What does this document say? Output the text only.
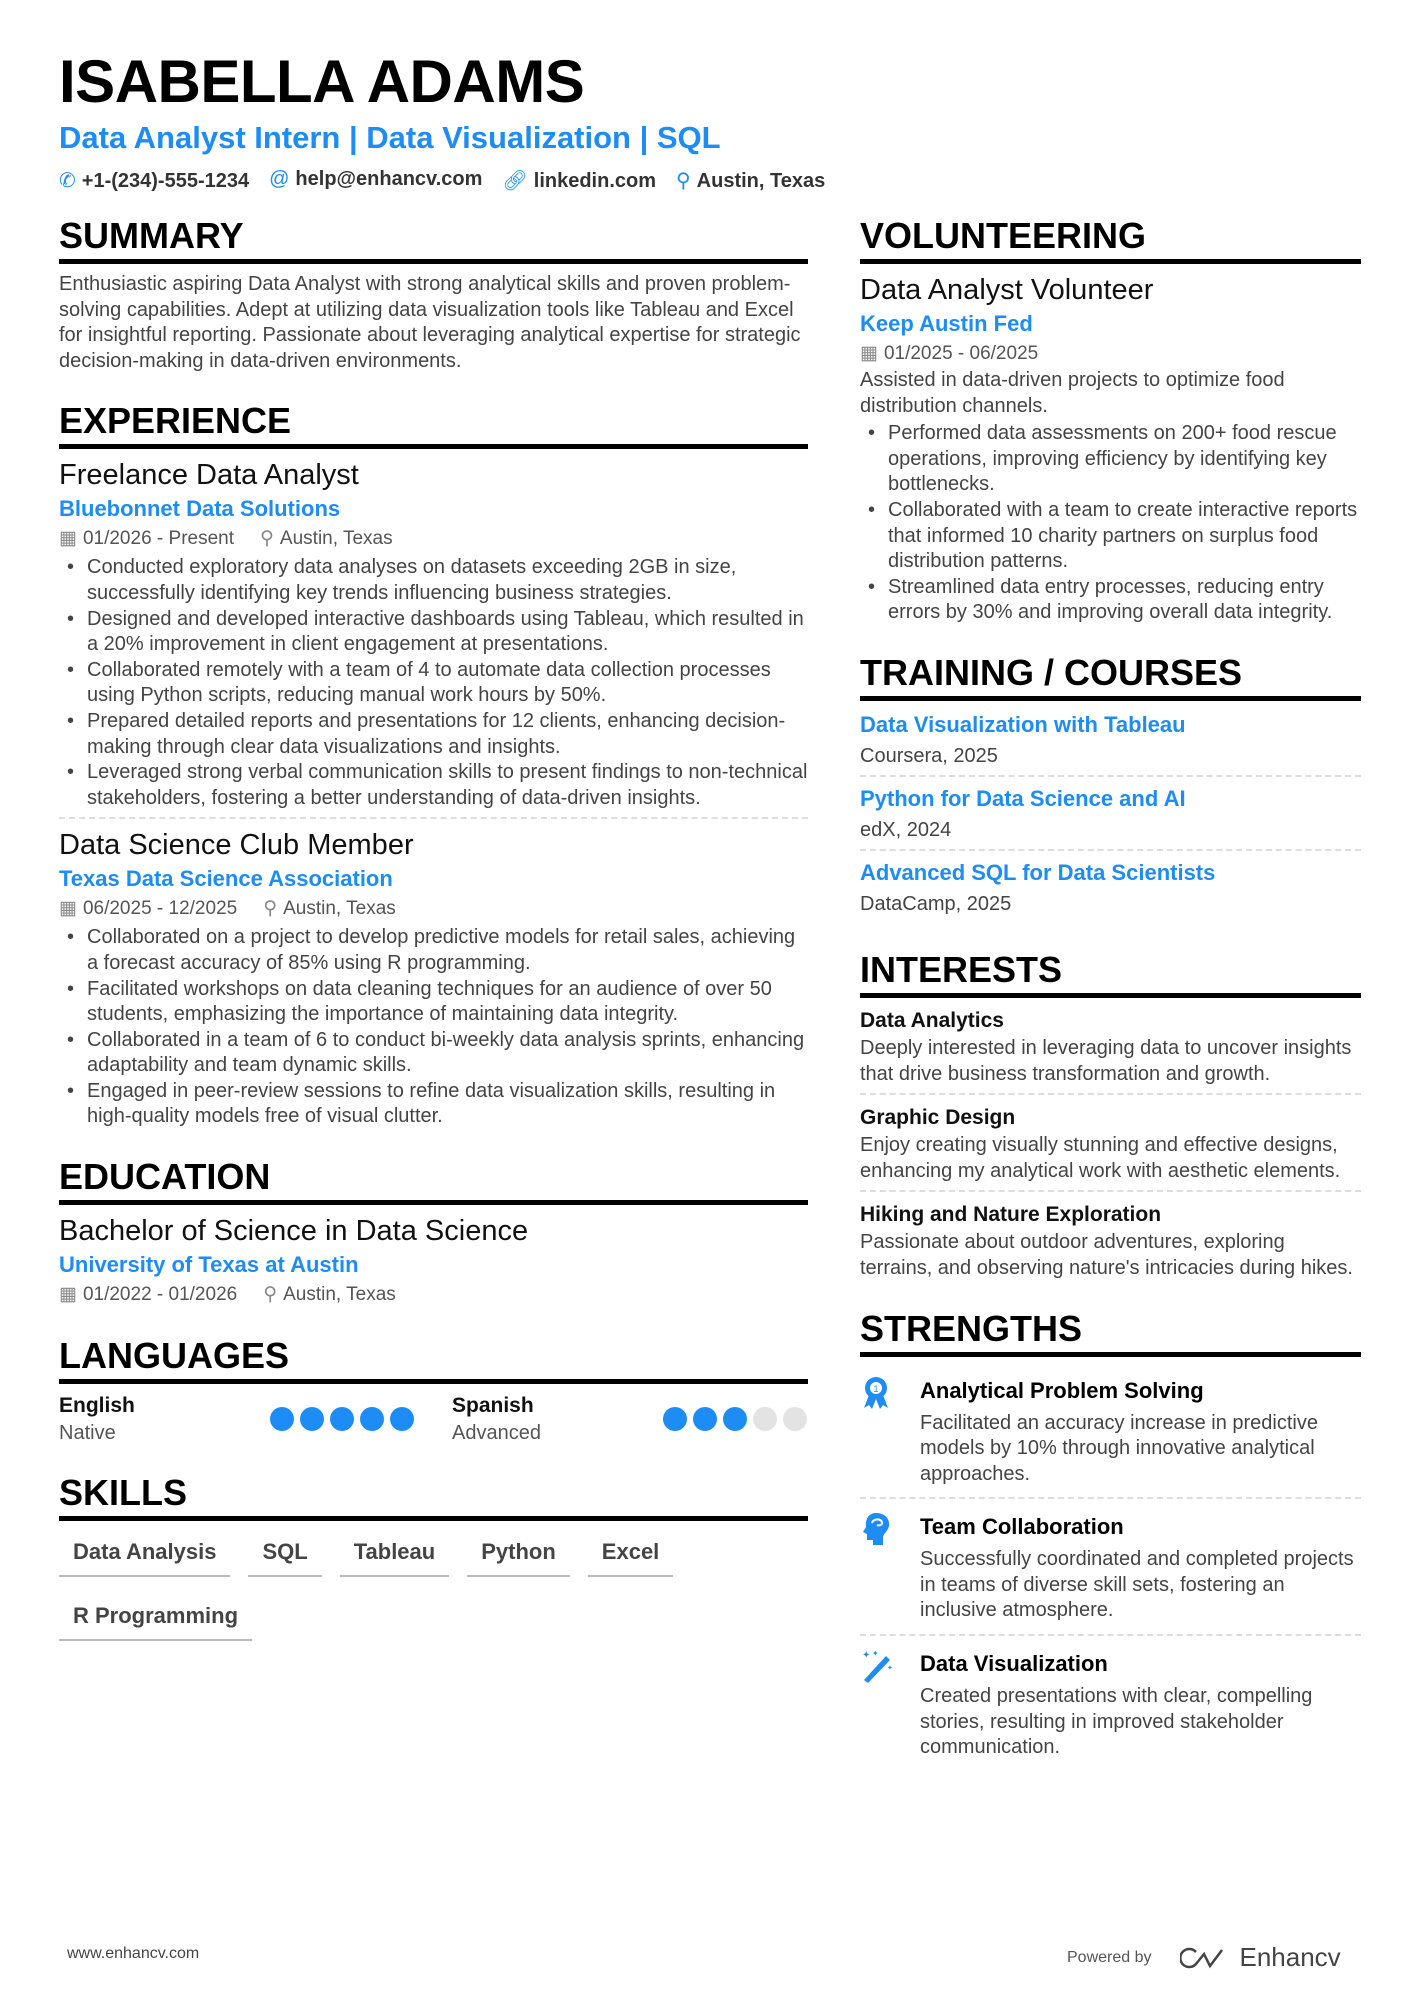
ISABELLA ADAMS
Data Analyst Intern | Data Visualization | SQL
✆ +1-(234)-555-1234 @ help@enhancv.com 🔗︎ linkedin.com ⚲ Austin, Texas
SUMMARY

Enthusiastic aspiring Data Analyst with strong analytical skills and proven problem-solving capabilities. Adept at utilizing data visualization tools like Tableau and Excel for insightful reporting. Passionate about leveraging analytical expertise for strategic decision-making in data-driven environments.

EXPERIENCE
Freelance Data Analyst
Bluebonnet Data Solutions
▦ 01/2026 - Present ⚲ Austin, Texas
• Conducted exploratory data analyses on datasets exceeding 2GB in size, successfully identifying key trends influencing business strategies.
• Designed and developed interactive dashboards using Tableau, which resulted in a 20% improvement in client engagement at presentations.
• Collaborated remotely with a team of 4 to automate data collection processes using Python scripts, reducing manual work hours by 50%.
• Prepared detailed reports and presentations for 12 clients, enhancing decision-making through clear data visualizations and insights.
• Leveraged strong verbal communication skills to present findings to non-technical stakeholders, fostering a better understanding of data-driven insights.
Data Science Club Member
Texas Data Science Association
▦ 06/2025 - 12/2025 ⚲ Austin, Texas
• Collaborated on a project to develop predictive models for retail sales, achieving a forecast accuracy of 85% using R programming.
• Facilitated workshops on data cleaning techniques for an audience of over 50 students, emphasizing the importance of maintaining data integrity.
• Collaborated in a team of 6 to conduct bi-weekly data analysis sprints, enhancing adaptability and team dynamic skills.
• Engaged in peer-review sessions to refine data visualization skills, resulting in high-quality models free of visual clutter.
EDUCATION
Bachelor of Science in Data Science
University of Texas at Austin
▦ 01/2022 - 01/2026 ⚲ Austin, Texas
LANGUAGES
English
Native
Spanish
Advanced
SKILLS
Data Analysis	SQL	Tableau	Python	Excel
R Programming
VOLUNTEERING
Data Analyst Volunteer
Keep Austin Fed
▦ 01/2025 - 06/2025

Assisted in data-driven projects to optimize food distribution channels.

• Performed data assessments on 200+ food rescue operations, improving efficiency by identifying key bottlenecks.
• Collaborated with a team to create interactive reports that informed 10 charity partners on surplus food distribution patterns.
• Streamlined data entry processes, reducing entry errors by 30% and improving overall data integrity.
TRAINING / COURSES
Data Visualization with Tableau
Coursera, 2025
Python for Data Science and AI
edX, 2024
Advanced SQL for Data Scientists
DataCamp, 2025
INTERESTS
Data Analytics

Deeply interested in leveraging data to uncover insights that drive business transformation and growth.

Graphic Design

Enjoy creating visually stunning and effective designs, enhancing my analytical work with aesthetic elements.

Hiking and Nature Exploration

Passionate about outdoor adventures, exploring terrains, and observing nature's intricacies during hikes.

STRENGTHS
1 Analytical Problem Solving

Facilitated an accuracy increase in predictive models by 10% through innovative analytical approaches.

Team Collaboration

Successfully coordinated and completed projects in teams of diverse skill sets, fostering an inclusive atmosphere.

✦ ✦
✦ Data Visualization

Created presentations with clear, compelling stories, resulting in improved stakeholder communication.

www.enhancv.com	Powered by	Enhancv
